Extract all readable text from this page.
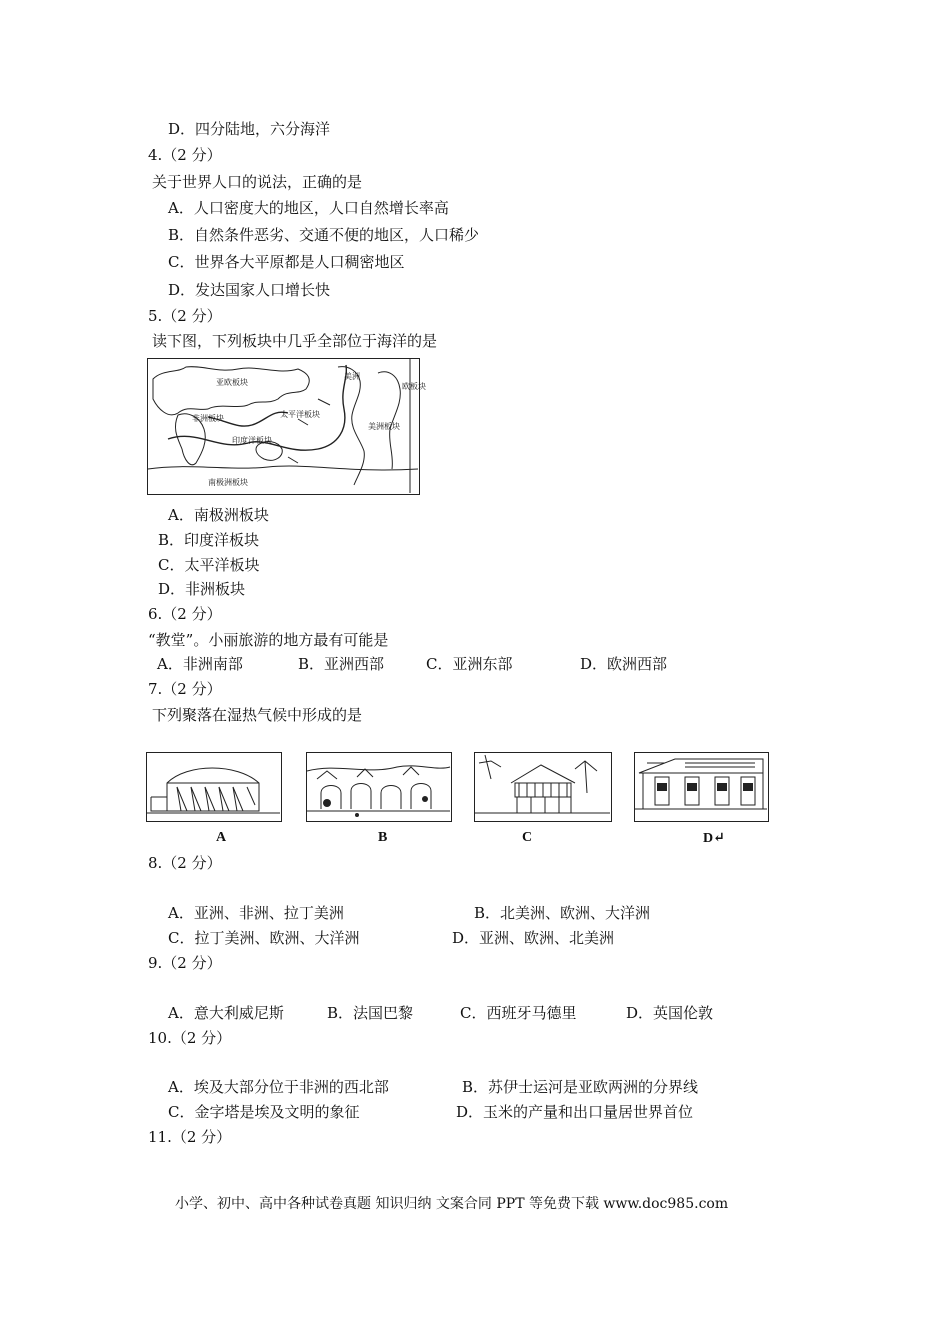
D．四分陆地，六分海洋
4.（2 分）
关于世界人口的说法，正确的是
A．人口密度大的地区，人口自然增长率高
B．自然条件恶劣、交通不便的地区，人口稀少
C．世界各大平原都是人口稠密地区
D．发达国家人口增长快
5.（2 分）
读下图，下列板块中几乎全部位于海洋的是
亚欧板块
美洲
太平洋板块
非洲板块
印度洋板块
南极洲板块
美洲板块
欧板块
A．南极洲板块
B．印度洋板块
C．太平洋板块
D．非洲板块
6.（2 分）
“教堂”。小丽旅游的地方最有可能是
A．非洲南部	B．亚洲西部	C．亚洲东部	D．欧洲西部
7.（2 分）
下列聚落在湿热气候中形成的是
A	B	C	D↵
8.（2 分）
A．亚洲、非洲、拉丁美洲	B．北美洲、欧洲、大洋洲
C．拉丁美洲、欧洲、大洋洲	D．亚洲、欧洲、北美洲
9.（2 分）
A．意大利威尼斯	B．法国巴黎	C．西班牙马德里	D．英国伦敦
10.（2 分）
A．埃及大部分位于非洲的西北部	B．苏伊士运河是亚欧两洲的分界线
C．金字塔是埃及文明的象征	D．玉米的产量和出口量居世界首位
11.（2 分）
小学、初中、高中各种试卷真题 知识归纳 文案合同 PPT 等免费下载 www.doc985.com
